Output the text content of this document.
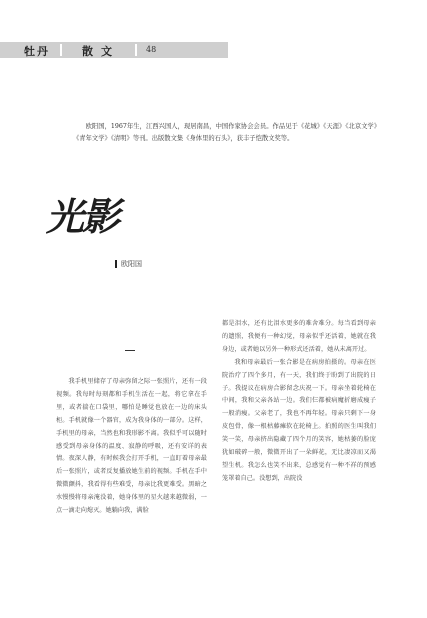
牡丹	散文	48

欧阳国，1967年生，江西兴国人，现居南昌，中国作家协会会员。作品见于《花城》《天涯》《北京文学》《青年文学》《清明》等刊。出版散文集《身体里的石头》，获丰子恺散文奖等。

光影
欧阳国

我手机里储存了母亲弥留之际一张照片，还有一段视频。我每时每刻都和手机生活在一起，将它拿在手里，或者揣在口袋里，哪怕是睡觉也放在一边的床头柜。手机就像一个器官，成为我身体的一部分。这样，手机里的母亲，当然也和我形影不离。我似乎可以随时感受到母亲身体的温度、寂静的呼吸，还有安详的表情。夜深人静，有时候我会打开手机，一直盯着母亲最后一张照片，或者反复播放她生前的视频。手机在手中微微颤抖，我看得有些难受，母亲比我更难受。黑暗之水慢慢将母亲淹没着，她身体里的星火越来越微弱，一点一滴走向熄灭。她躺向我，满脸

都是泪水，还有比泪水更多的难舍难分。每当看到母亲的遗照，我便有一种幻觉，母亲似乎还活着，她就在我身边，或者她以另外一种形式还活着，她从未离开过。

我和母亲最后一张合影是在病房拍摄的。母亲在医院治疗了四个多月，有一天，我们终于盼到了出院的日子。我提议在病房合影留念庆祝一下。母亲坐着轮椅在中间，我和父亲各站一边。我们仨都被病魔折磨成瘦子一般消瘦。父亲老了，我也不再年轻。母亲只剩下一身皮包骨，像一根枯藤瘫软在轮椅上。拍照的医生叫我们笑一笑，母亲挤出隐藏了四个月的笑容，她枯萎的脸庞犹如破碎一般，微微开出了一朵鲜花，无比凄凉而又渴望生机。我怎么也笑不出来，总感觉有一种不祥的预感笼罩着自己。没想到，出院没
